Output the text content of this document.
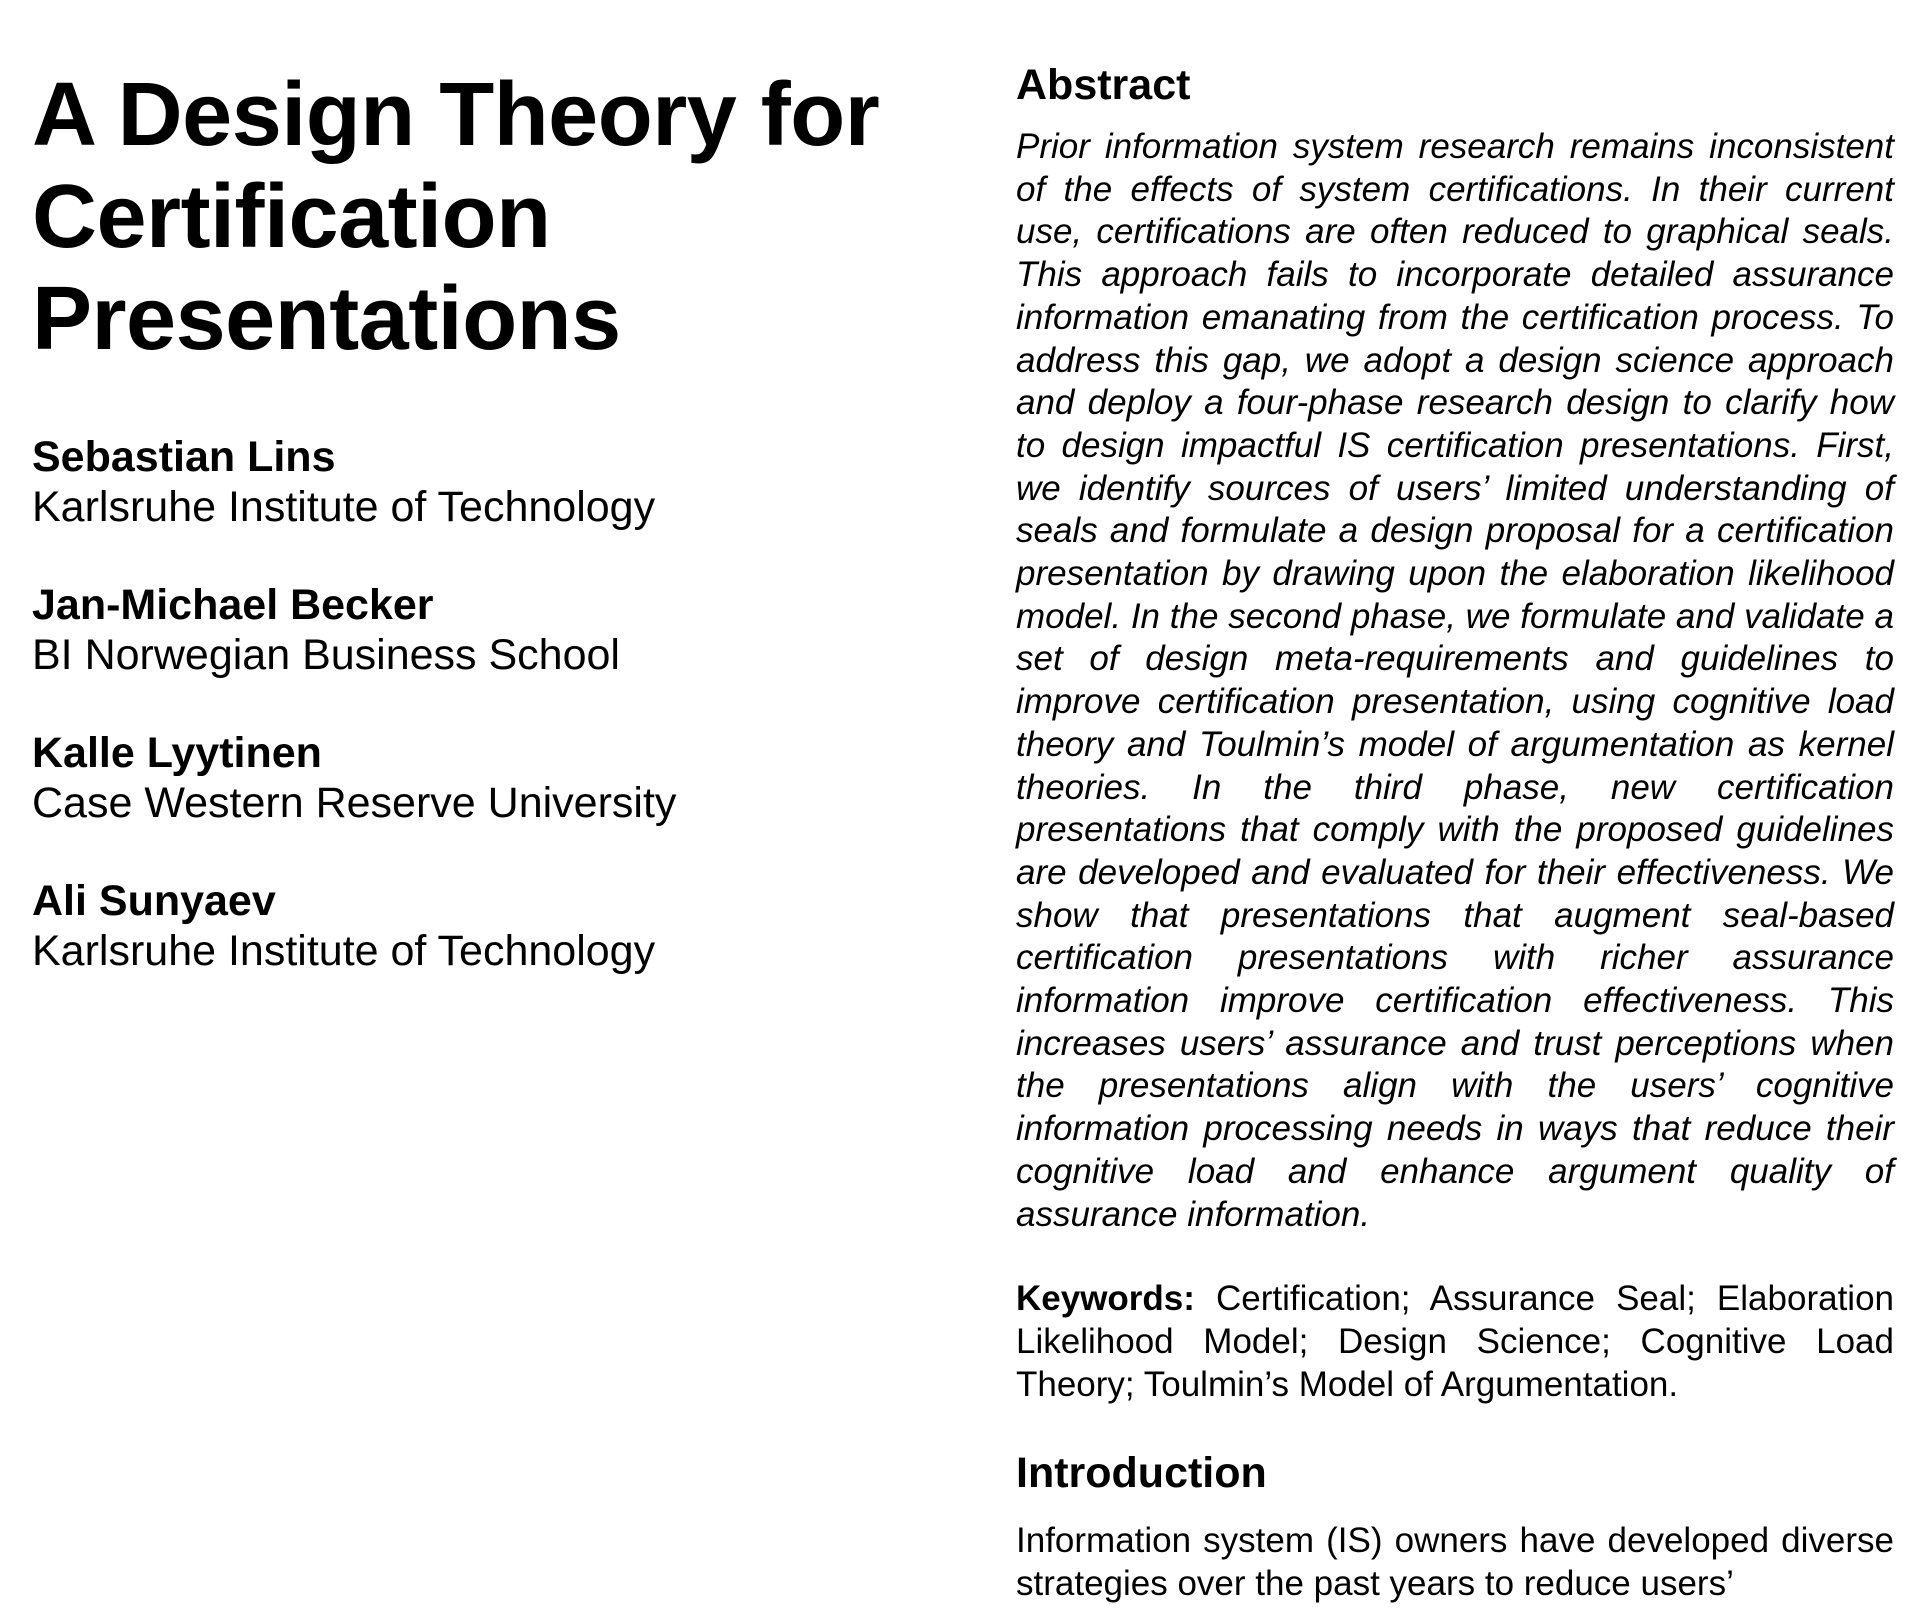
A Design Theory for Certification Presentations
Sebastian Lins
Karlsruhe Institute of Technology
Jan-Michael Becker
BI Norwegian Business School
Kalle Lyytinen
Case Western Reserve University
Ali Sunyaev
Karlsruhe Institute of Technology
Abstract

Prior information system research remains inconsistent of the effects of system certifications. In their current use, certifications are often reduced to graphical seals. This approach fails to incorporate detailed assurance information emanating from the certification process. To address this gap, we adopt a design science approach and deploy a four-phase research design to clarify how to design impactful IS certification presentations. First, we identify sources of users’ limited understanding of seals and formulate a design proposal for a certification presentation by drawing upon the elaboration likelihood model. In the second phase, we formulate and validate a set of design meta-requirements and guidelines to improve certification presentation, using cognitive load theory and Toulmin’s model of argumentation as kernel theories. In the third phase, new certification presentations that comply with the proposed guidelines are developed and evaluated for their effectiveness. We show that presentations that augment seal-based certification presentations with richer assurance information improve certification effectiveness. This increases users’ assurance and trust perceptions when the presentations align with the users’ cognitive information processing needs in ways that reduce their cognitive load and enhance argument quality of assurance information.

Keywords: Certification; Assurance Seal; Elaboration Likelihood Model; Design Science; Cognitive Load Theory; Toulmin’s Model of Argumentation.

Introduction

Information system (IS) owners have developed diverse strategies over the past years to reduce users’
